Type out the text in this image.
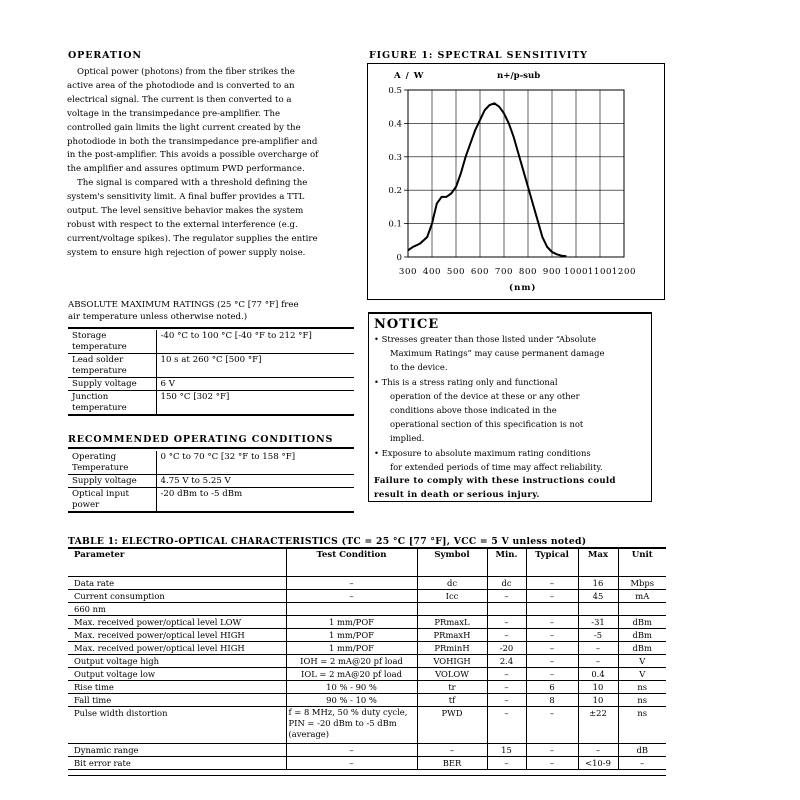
OPERATION

Optical power (photons) from the fiber strikes the active area of the photodiode and is converted to an electrical signal. The current is then converted to a voltage in the transimpedance pre-amplifier. The controlled gain limits the light current created by the photodiode in both the transimpedance pre-amplifier and in the post-amplifier. This avoids a possible overcharge of the amplifier and assures optimum PWD performance.

The signal is compared with a threshold defining the system's sensitivity limit. A final buffer provides a TTL output. The level sensitive behavior makes the system robust with respect to the external interference (e.g. current/voltage spikes). The regulator supplies the entire system to ensure high rejection of power supply noise.

ABSOLUTE MAXIMUM RATINGS (25 °C [77 °F] free
air temperature unless otherwise noted.)
Storage temperature	-40 °C to 100 °C [-40 °F to 212 °F]
Lead solder temperature	10 s at 260 °C [500 °F]
Supply voltage	6 V
Junction temperature	150 °C [302 °F]
RECOMMENDED OPERATING CONDITIONS
Operating Temperature	0 °C to 70 °C [32 °F to 158 °F]
Supply voltage	4.75 V to 5.25 V
Optical input power	-20 dBm to -5 dBm
FIGURE 1: SPECTRAL SENSITIVITY
A / W	n+/p-sub
(nm)
0
0.1
0.2
0.3
0.4
0.5
300 400 500 600 700 800 900 1000 1100 1200
NOTICE
• Stresses greater than those listed under “Absolute
Maximum Ratings” may cause permanent damage
to the device.
• This is a stress rating only and functional
operation of the device at these or any other
conditions above those indicated in the
operational section of this specification is not
implied.
• Exposure to absolute maximum rating conditions
for extended periods of time may affect reliability.
Failure to comply with these instructions could
result in death or serious injury.
TABLE 1: ELECTRO-OPTICAL CHARACTERISTICS (TC = 25 °C [77 °F], VCC = 5 V unless noted)
Parameter	Test Condition	Symbol	Min.	Typical	Max	Unit
Data rate	–	dc	dc	–	16	Mbps
Current consumption	–	Icc	–	–	45	mA
660 nm						
Max. received power/optical level LOW	1 mm/POF	PRmaxL	–	–	-31	dBm
Max. received power/optical level HIGH	1 mm/POF	PRmaxH	–	–	-5	dBm
Max. received power/optical level HIGH	1 mm/POF	PRminH	-20	–	–	dBm
Output voltage high	IOH = 2 mA@20 pf load	VOHIGH	2.4	–	–	V
Output voltage low	IOL = 2 mA@20 pf load	VOLOW	–	–	0.4	V
Rise time	10 % - 90 %	tr	–	6	10	ns
Fall time	90 % - 10 %	tf	–	8	10	ns
Pulse width distortion	f = 8 MHz, 50 % duty cycle, PIN = -20 dBm to -5 dBm (average)	PWD	–	–	±22	ns
Dynamic range	–	–	15	–	–	dB
Bit error rate	–	BER	–	–	<10-9	–
